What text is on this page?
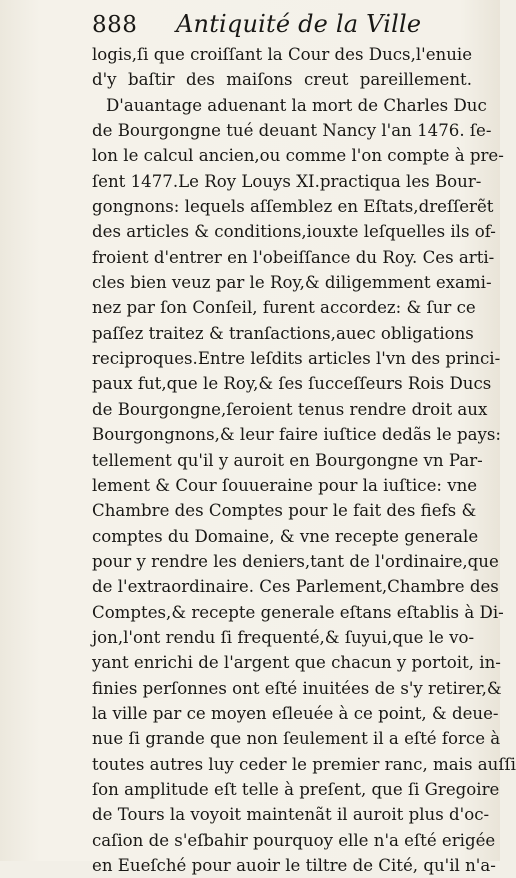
888 Antiquité de la Ville
logis,ſi que croiſſant la Cour des Ducs,l'enuie
d'y baſtir des maiſons creut pareillement.
D'auantage aduenant la mort de Charles Duc
de Bourgongne tué deuant Nancy l'an 1476. ſe-
lon le calcul ancien,ou comme l'on compte à pre-
ſent 1477.Le Roy Louys XI.practiqua les Bour-
gongnons: lequels aſſemblez en Eſtats,dreſſerẽt
des articles & conditions,iouxte leſquelles ils of-
froient d'entrer en l'obeiſſance du Roy. Ces arti-
cles bien veuz par le Roy,& diligemment exami-
nez par ſon Conſeil, furent accordez: & ſur ce
paſſez traitez & tranſactions,auec obligations
reciproques.Entre leſdits articles l'vn des princi-
paux fut,que le Roy,& ſes ſucceſſeurs Rois Ducs
de Bourgongne,ſeroient tenus rendre droit aux
Bourgongnons,& leur faire iuſtice dedãs le pays:
tellement qu'il y auroit en Bourgongne vn Par-
lement & Cour ſouueraine pour la iuſtice: vne
Chambre des Comptes pour le fait des fiefs &
comptes du Domaine, & vne recepte generale
pour y rendre les deniers,tant de l'ordinaire,que
de l'extraordinaire. Ces Parlement,Chambre des
Comptes,& recepte generale eſtans eſtablis à Di-
jon,l'ont rendu ſi frequenté,& ſuyui,que le vo-
yant enrichi de l'argent que chacun y portoit, in-
finies perſonnes ont eſté inuitées de s'y retirer,&
la ville par ce moyen eſleuée à ce point, & deue-
nue ſi grande que non ſeulement il a eſté force à
toutes autres luy ceder le premier ranc, mais auſſi
ſon amplitude eſt telle à preſent, que ſi Gregoire
de Tours la voyoit maintenãt il auroit plus d'oc-
caſion de s'eſbahir pourquoy elle n'a eſté erigée
en Eueſché pour auoir le tiltre de Cité, qu'il n'a-
